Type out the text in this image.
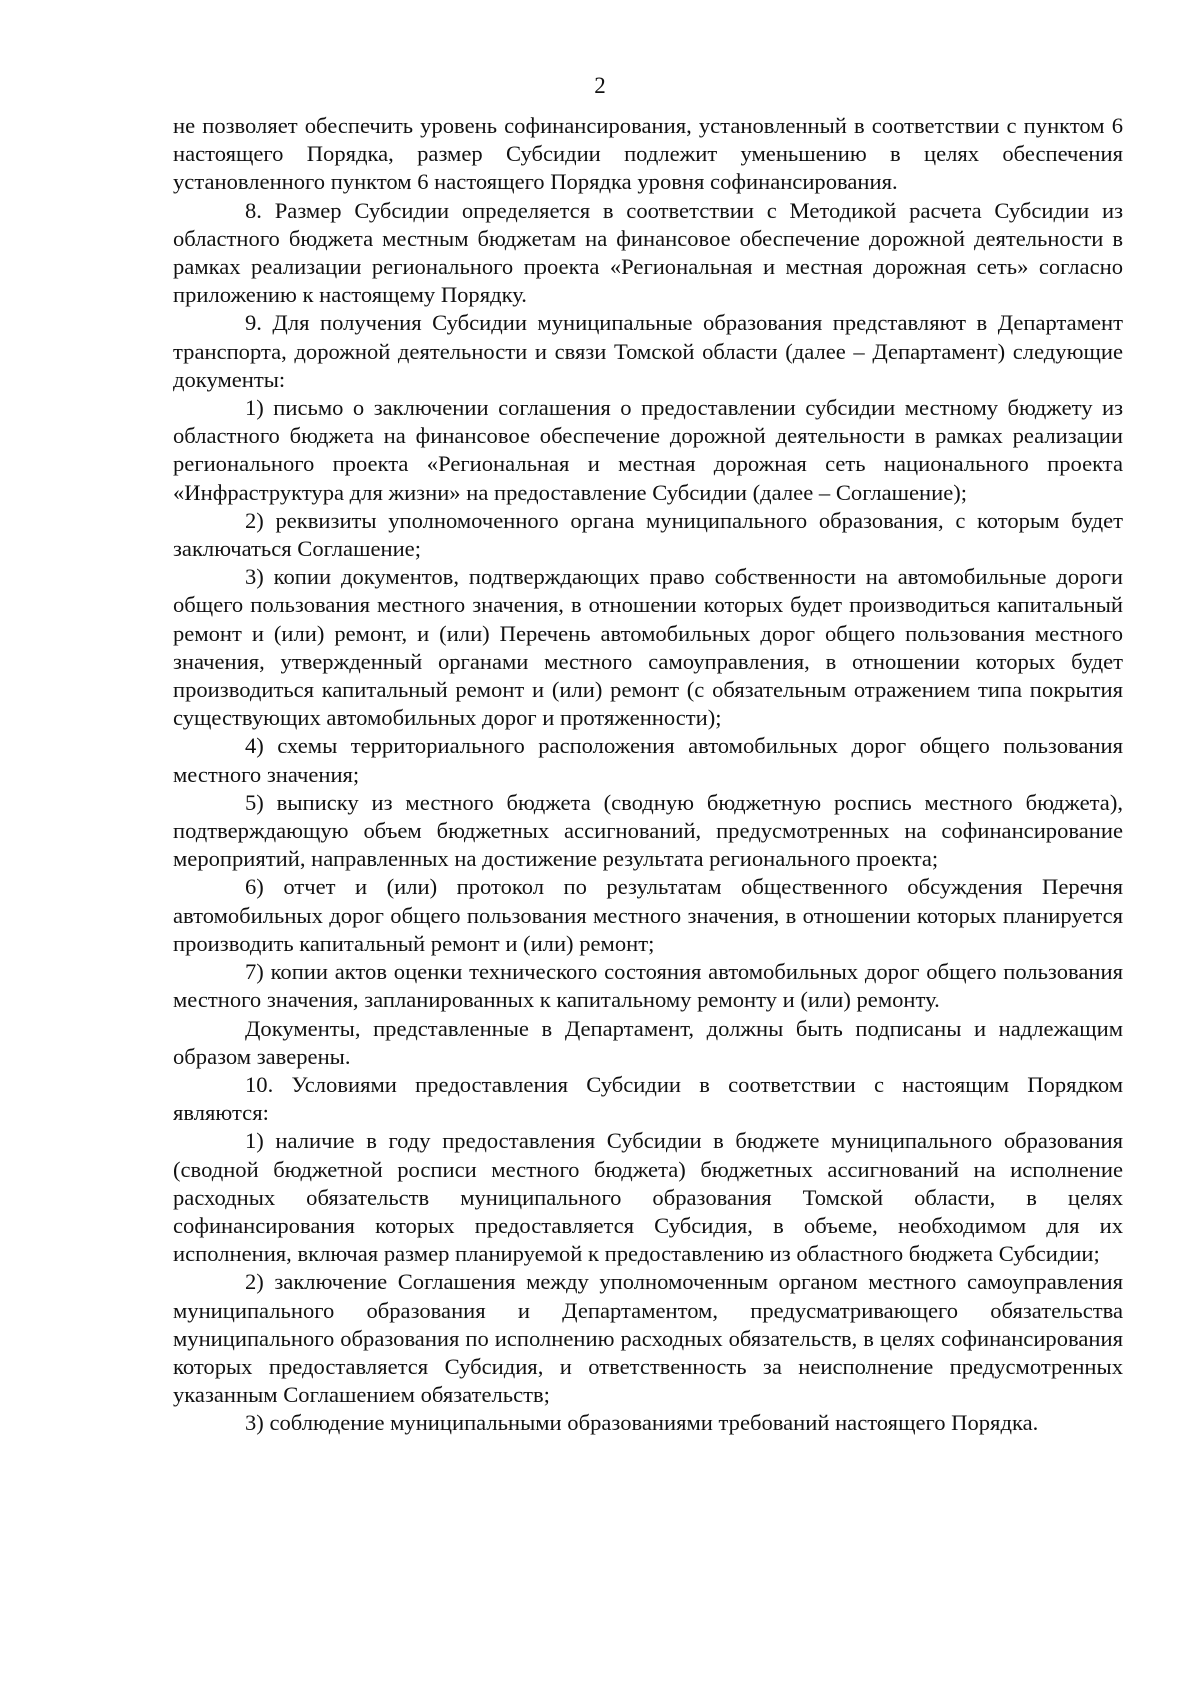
2

не позволяет обеспечить уровень софинансирования, установленный в соответствии с пунктом 6 настоящего Порядка, размер Субсидии подлежит уменьшению в целях обеспечения установленного пунктом 6 настоящего Порядка уровня софинансирования.

8. Размер Субсидии определяется в соответствии с Методикой расчета Субсидии из областного бюджета местным бюджетам на финансовое обеспечение дорожной деятельности в рамках реализации регионального проекта «Региональная и местная дорожная сеть» согласно приложению к настоящему Порядку.

9. Для получения Субсидии муниципальные образования представляют в Департамент транспорта, дорожной деятельности и связи Томской области (далее – Департамент) следующие документы:

1) письмо о заключении соглашения о предоставлении субсидии местному бюджету из областного бюджета на финансовое обеспечение дорожной деятельности в рамках реализации регионального проекта «Региональная и местная дорожная сеть национального проекта «Инфраструктура для жизни» на предоставление Субсидии (далее – Соглашение);

2) реквизиты уполномоченного органа муниципального образования, с которым будет заключаться Соглашение;

3) копии документов, подтверждающих право собственности на автомобильные дороги общего пользования местного значения, в отношении которых будет производиться капитальный ремонт и (или) ремонт, и (или) Перечень автомобильных дорог общего пользования местного значения, утвержденный органами местного самоуправления, в отношении которых будет производиться капитальный ремонт и (или) ремонт (с обязательным отражением типа покрытия существующих автомобильных дорог и протяженности);

4) схемы территориального расположения автомобильных дорог общего пользования местного значения;

5) выписку из местного бюджета (сводную бюджетную роспись местного бюджета), подтверждающую объем бюджетных ассигнований, предусмотренных на софинансирование мероприятий, направленных на достижение результата регионального проекта;

6) отчет и (или) протокол по результатам общественного обсуждения Перечня автомобильных дорог общего пользования местного значения, в отношении которых планируется производить капитальный ремонт и (или) ремонт;

7) копии актов оценки технического состояния автомобильных дорог общего пользования местного значения, запланированных к капитальному ремонту и (или) ремонту.

Документы, представленные в Департамент, должны быть подписаны и надлежащим образом заверены.

10. Условиями предоставления Субсидии в соответствии с настоящим Порядком являются:

1) наличие в году предоставления Субсидии в бюджете муниципального образования (сводной бюджетной росписи местного бюджета) бюджетных ассигнований на исполнение расходных обязательств муниципального образования Томской области, в целях софинансирования которых предоставляется Субсидия, в объеме, необходимом для их исполнения, включая размер планируемой к предоставлению из областного бюджета Субсидии;

2) заключение Соглашения между уполномоченным органом местного самоуправления муниципального образования и Департаментом, предусматривающего обязательства муниципального образования по исполнению расходных обязательств, в целях софинансирования которых предоставляется Субсидия, и ответственность за неисполнение предусмотренных указанным Соглашением обязательств;

3) соблюдение муниципальными образованиями требований настоящего Порядка.
